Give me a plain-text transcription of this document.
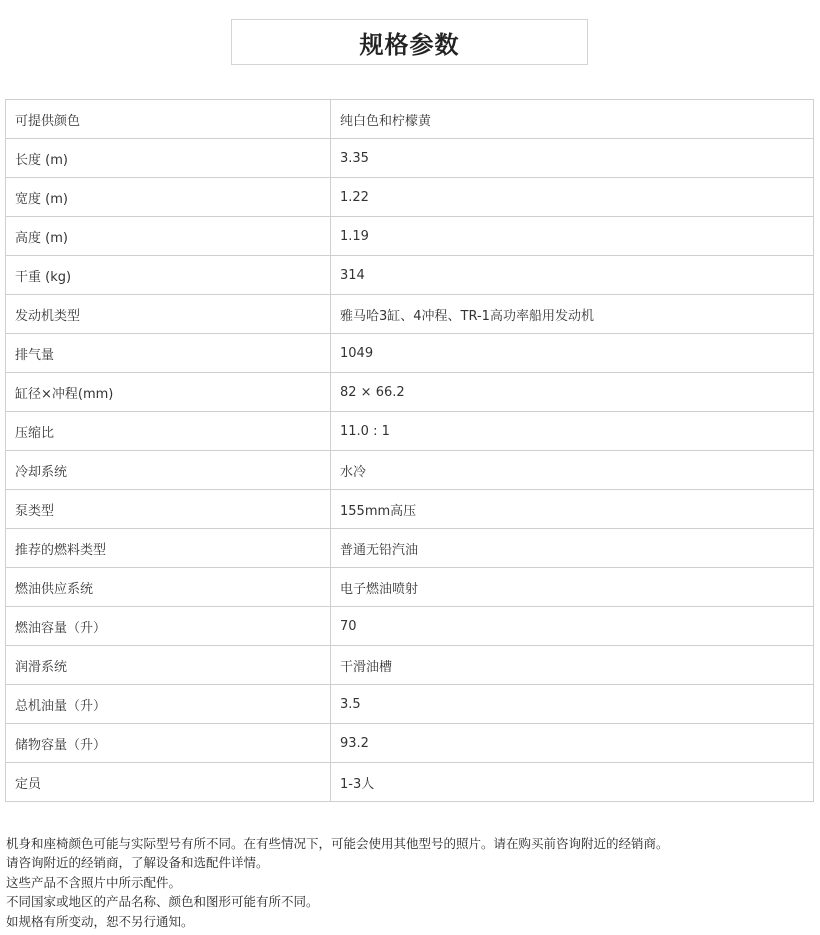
规格参数
可提供颜色	纯白色和柠檬黄
长度 (m)	3.35
宽度 (m)	1.22
高度 (m)	1.19
干重 (kg)	314
发动机类型	雅马哈3缸、4冲程、TR-1高功率船用发动机
排气量	1049
缸径×冲程(mm)	82 × 66.2
压缩比	11.0 : 1
冷却系统	水冷
泵类型	155mm高压
推荐的燃料类型	普通无铅汽油
燃油供应系统	电子燃油喷射
燃油容量（升）	70
润滑系统	干滑油槽
总机油量（升）	3.5
储物容量（升）	93.2
定员	1-3人
机身和座椅颜色可能与实际型号有所不同。在有些情况下，可能会使用其他型号的照片。请在购买前咨询附近的经销商。
请咨询附近的经销商，了解设备和选配件详情。
这些产品不含照片中所示配件。
不同国家或地区的产品名称、颜色和图形可能有所不同。
如规格有所变动，恕不另行通知。
